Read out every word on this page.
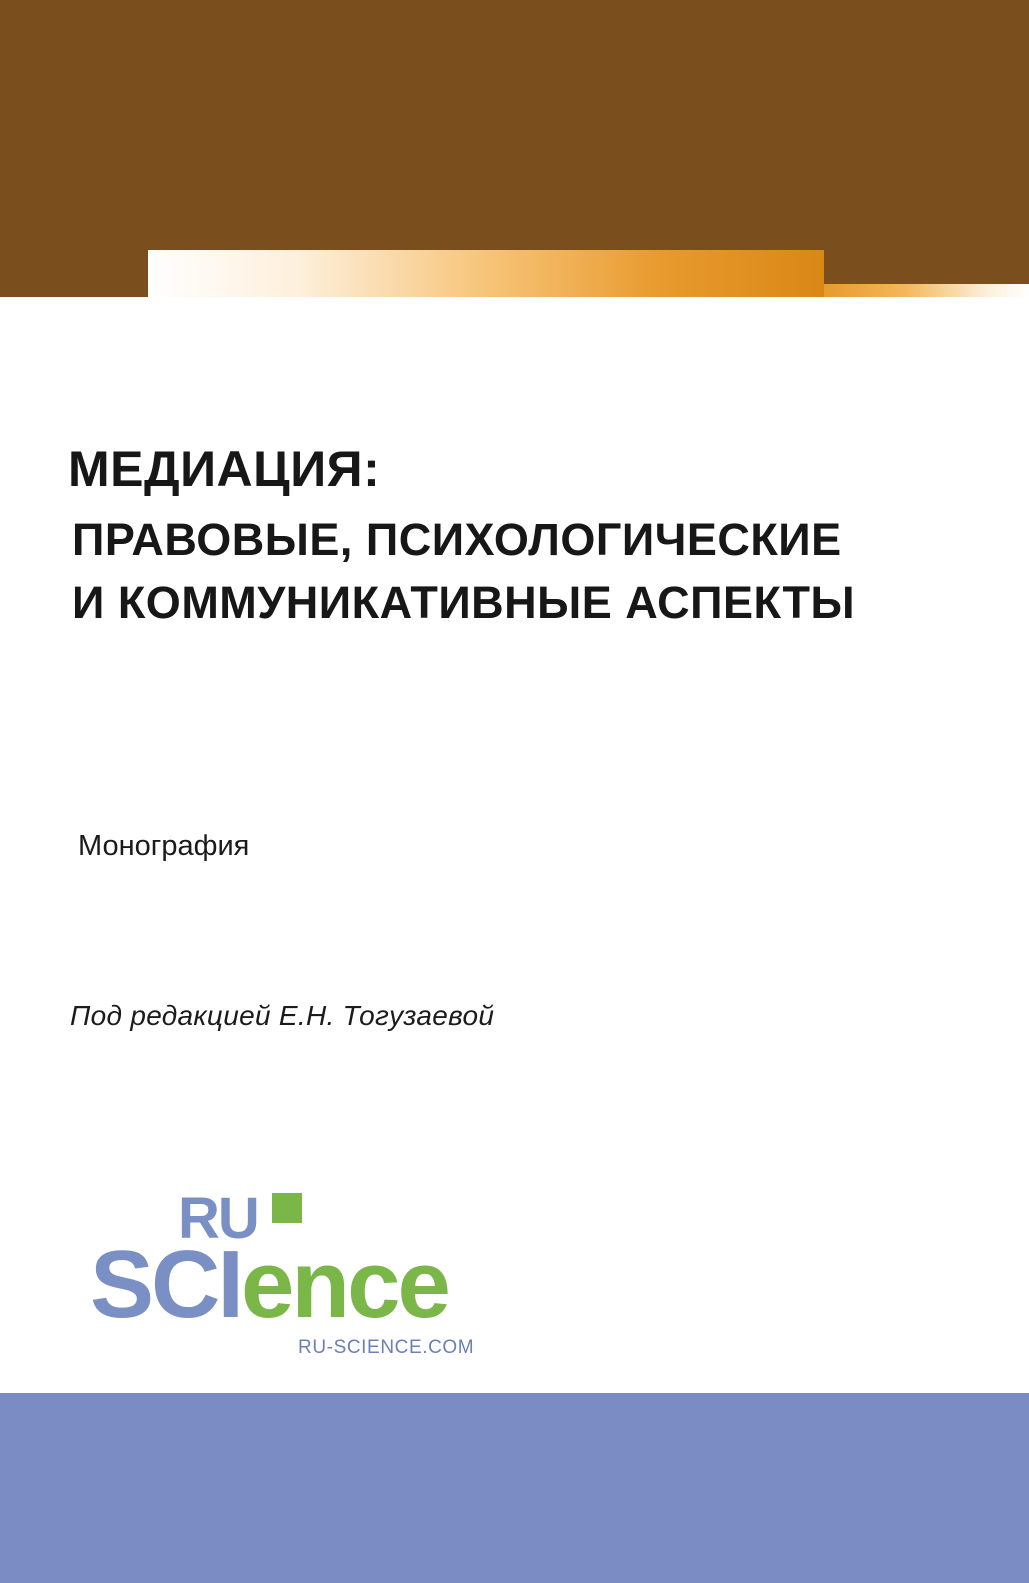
МЕДИАЦИЯ:
ПРАВОВЫЕ, ПСИХОЛОГИЧЕСКИЕ
И КОММУНИКАТИВНЫЕ АСПЕКТЫ
Монография
Под редакцией Е.Н. Тогузаевой
RU
SCIence
RU-SCIENCE.COM
